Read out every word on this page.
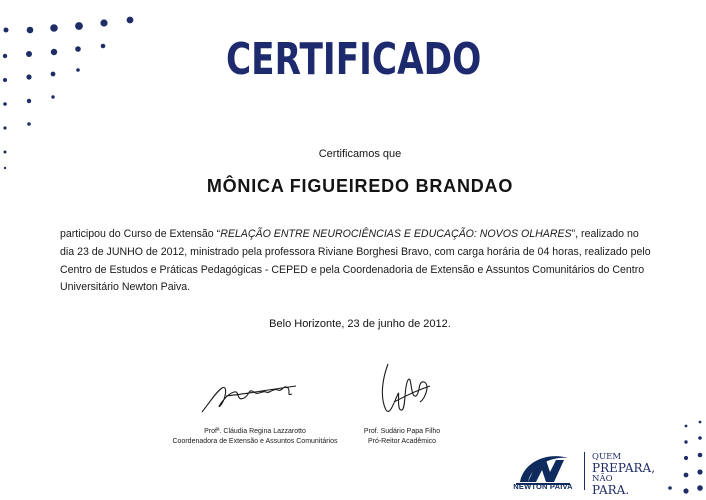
CERTIFICADO
Certificamos que
MÔNICA FIGUEIREDO BRANDAO
participou do Curso de Extensão “RELAÇÃO ENTRE NEUROCIÊNCIAS E EDUCAÇÃO: NOVOS OLHARES”, realizado no dia 23 de JUNHO de 2012, ministrado pela professora Riviane Borghesi Bravo, com carga horária de 04 horas, realizado pelo Centro de Estudos e Práticas Pedagógicas - CEPED e pela Coordenadoria de Extensão e Assuntos Comunitários do Centro Universitário Newton Paiva.
Belo Horizonte, 23 de junho de 2012.
Profª. Cláudia Regina Lazzarotto
Coordenadora de Extensão e Assuntos Comunitários
Prof. Sudário Papa Filho
Pró-Reitor Acadêmico
NEWTON PAIVA
QUEM
PREPARA,
NÃO
PARA.
